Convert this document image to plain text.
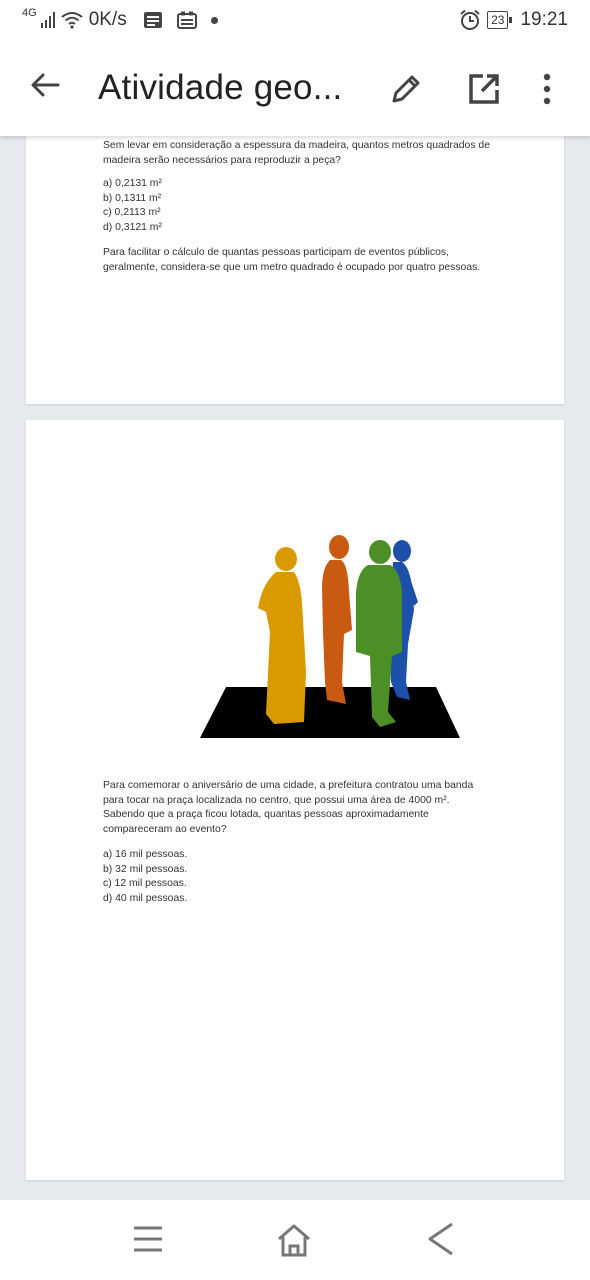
4G	0K/s	23 19:21
Atividade geo...
Sem levar em consideração a espessura da madeira, quantos metros quadrados de madeira serão necessários para reproduzir a peça?
a) 0,2131 m²
b) 0,1311 m²
c) 0,2113 m²
d) 0,3121 m²
Para facilitar o cálculo de quantas pessoas participam de eventos públicos, geralmente, considera-se que um metro quadrado é ocupado por quatro pessoas.
Para comemorar o aniversário de uma cidade, a prefeitura contratou uma banda para tocar na praça localizada no centro, que possui uma área de 4000 m². Sabendo que a praça ficou lotada, quantas pessoas aproximadamente compareceram ao evento?
a) 16 mil pessoas.
b) 32 mil pessoas.
c) 12 mil pessoas.
d) 40 mil pessoas.
